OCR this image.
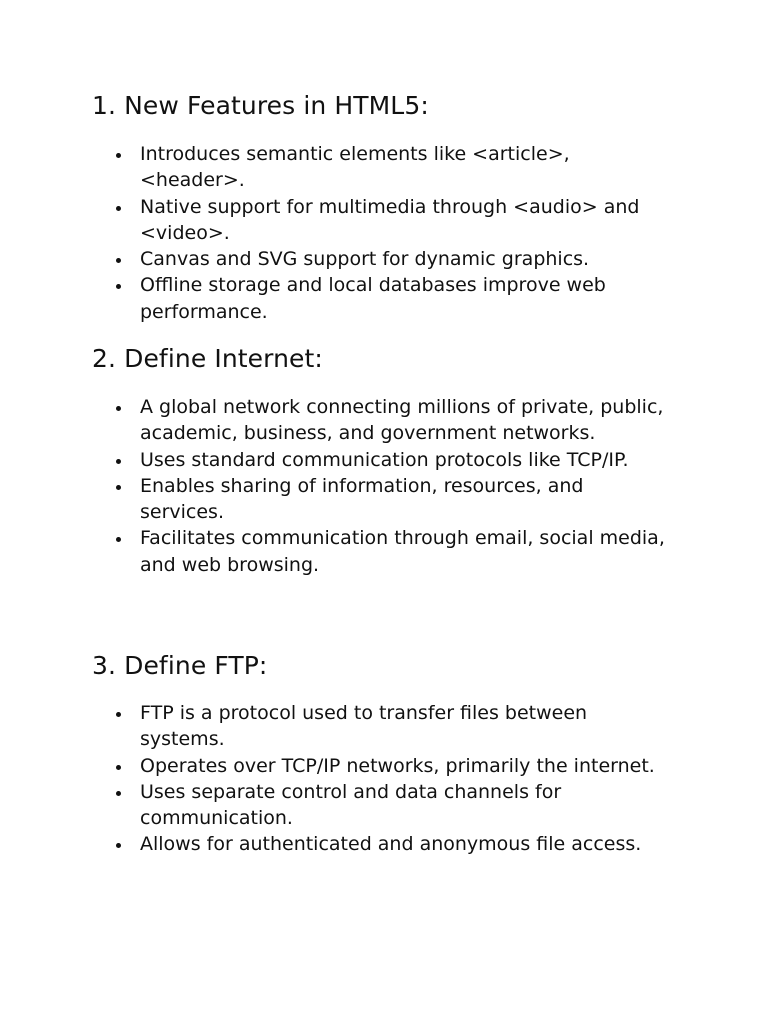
1. New Features in HTML5:
Introduces semantic elements like <article>, <header>.
Native support for multimedia through <audio> and <video>.
Canvas and SVG support for dynamic graphics.
Offline storage and local databases improve web performance.
2. Define Internet:
A global network connecting millions of private, public, academic, business, and government networks.
Uses standard communication protocols like TCP/IP.
Enables sharing of information, resources, and services.
Facilitates communication through email, social media, and web browsing.
3. Define FTP:
FTP is a protocol used to transfer files between systems.
Operates over TCP/IP networks, primarily the internet.
Uses separate control and data channels for communication.
Allows for authenticated and anonymous file access.
